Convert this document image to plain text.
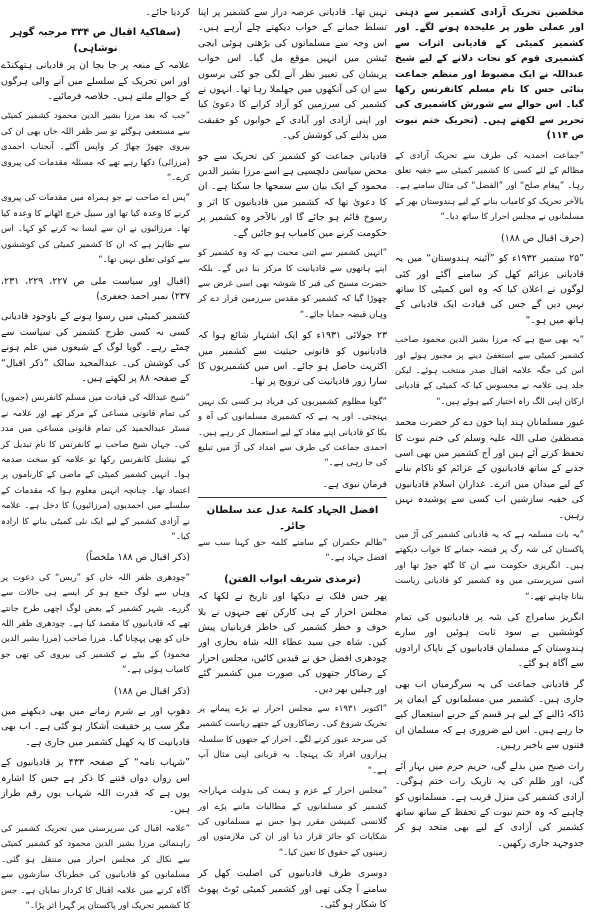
مخلصین تحریک آزادی کشمیر سے ذہنی اور عملی طور پر علیحدہ ہونے لگے۔ اور کشمیر کمیٹی کے قادیانی اثرات سے کشمیری قوم کو نجات دلانے کے لیے شیخ عبداللہ نے ایک مضبوط اور منظم جماعت بنائی جس کا نام مسلم کانفرنس رکھا گیا۔ اس حوالے سے شورش کاشمیری کی تحریر سے لکھتے ہیں۔ (تحریک ختم نبوت ص ۱۱۴)

”جماعت احمدیہ کی طرف سے تحریک آزادی کے مظالم کے لئے کسی کا کشمیر کمیٹی سے خفیہ تعلق رہا۔ ”پیغام صلح“ اور ”الفضل“ کی مثال سامنے ہے۔ بالآخر تحریک کو کامیاب بنانے کے لیے ہندوستان بھر کے مسلمانوں نے مجلس احرار کا ساتھ دیا۔“

(حرف اقبال ص ۱۸۸)

”۲۵ ستمبر ۱۹۳۲ء کو ”آئینہ ہندوستان“ میں یہ قادیانی عزائم کھل کر سامنے آگئے اور کئی لوگوں نے اعلان کیا کہ وہ اس کمیٹی کا ساتھ نہیں دیں گے جس کی قیادت ایک قادیانی کے ہاتھ میں ہو۔“

”یہ بھی سچ ہے کہ مرزا بشیر الدین محمود صاحب کشمیر کمیٹی سے استعفیٰ دینے پر مجبور ہوئے اور اس کی جگہ علامہ اقبال صدر منتخب ہوئے۔ لیکن جلد ہی علامہ نے محسوس کیا کہ کمیٹی کے قادیانی ارکان اپنی الگ راہ اختیار کیے ہوئے ہیں۔“

غیور مسلمانان ہند اپنا خون دے کر حضرت محمد مصطفیٰ صلی اللہ علیہ وسلم کی ختم نبوت کا تحفظ کرتے آئے ہیں اور آج کشمیر میں بھی اسی جذبے کے ساتھ قادیانیوں کے عزائم کو ناکام بنانے کے لیے میدان میں اترے۔ غداران اسلام قادیانیوں کی خفیہ سازشیں اب کسی سے پوشیدہ نہیں رہیں۔

”یہ بات مسلمہ ہے کہ یہ قادیانی کشمیر کی آڑ میں پاکستان کی شہ رگ پر قبضہ جمانے کا خواب دیکھتے ہیں۔ انگریزی حکومت سے ان کا گٹھ جوڑ تھا اور اسی سرپرستی میں وہ کشمیر کو قادیانی ریاست بنانا چاہتے تھے۔“

انگریز سامراج کی شہ پر قادیانیوں کی تمام کوششیں بے سود ثابت ہوئیں اور سارے ہندوستان کے مسلمان قادیانیوں کے ناپاک ارادوں سے آگاہ ہو گئے۔

گر قادیانی جماعت کی یہ سرگرمیاں اب بھی جاری ہیں۔ کشمیر میں مسلمانوں کے ایمان پر ڈاکہ ڈالنے کے لیے ہر قسم کے حربے استعمال کیے جا رہے ہیں۔ اس لیے ضروری ہے کہ مسلمان ان فتنوں سے باخبر رہیں۔

رات صبح میں بدلے گی، حریم حرم میں بہار آئے گی، اور ظلم کی یہ تاریک رات ختم ہوگی۔ آزادی کشمیر کی منزل قریب ہے۔ مسلمانوں کو چاہیے کہ وہ ختم نبوت کے تحفظ کے ساتھ ساتھ کشمیر کی آزادی کے لیے بھی متحد ہو کر جدوجہد جاری رکھیں۔

نہیں تھا۔ قادیانی عرصہ دراز سے کشمیر پر اپنا تسلط جمانے کے خواب دیکھتے چلے آرہے ہیں۔ اس وجہ سے مسلمانوں کی بڑھتی ہوئی ایجی ٹیشن میں انہیں موقع مل گیا۔ اس خواب پریشان کی تعبیر نظر آنے لگی جو کئی برسوں سے ان کی آنکھوں میں جھلملا رہا تھا۔ انہوں نے کشمیر کی سرزمین کو آزاد کرانے کا دعویٰ کیا اور اپنی آزادی اور آبادی کے خوابوں کو حقیقت میں بدلنے کی کوشش کی۔

قادیانی جماعت کو کشمیر کی تحریک سے جو محض سیاسی دلچسپی ہے اسے مرزا بشیر الدین محمود کے ایک بیان سے سمجھا جا سکتا ہے۔ ان کا دعویٰ تھا کہ کشمیر میں قادیانیوں کا اثر و رسوخ قائم ہو جائے گا اور بالآخر وہ کشمیر پر حکومت کرنے میں کامیاب ہو جائیں گے۔

”انہیں کشمیر سے اتنی محبت ہے کہ وہ کشمیر کو اپنے ہاتھوں سے قادیانیت کا مرکز بنا دیں گے۔ بلکہ حضرت مسیح کی قبر کا شوشہ بھی اسی غرض سے چھوڑا گیا کہ کشمیر کو مقدس سرزمین قرار دے کر وہاں قبضہ جمایا جائے۔“

۲۳ جولائی ۱۹۳۱ء کو ایک اشتہار شائع ہوا کہ قادیانیوں کو قانونی حیثیت سے کشمیر میں اکثریت حاصل ہو جائے۔ اس میں کشمیریوں کا سارا زور قادیانیت کی ترویج پر تھا۔

”گویا مظلوم کشمیریوں کی فریاد ہر کسی تک نہیں پہنچتی۔ اور یہ ہے کہ کشمیری مسلمانوں کی آہ و بکا کو قادیانی اپنے مفاد کے لیے استعمال کر رہے ہیں۔ احمدی جماعت کی طرف سے امداد کی آڑ میں تبلیغ کی جا رہی ہے۔“

فرمان نبوی ہے۔

افضل الجہاد کلمۃ عدل عند سلطان جائر۔

”ظالم حکمران کے سامنے کلمہ حق کہنا سب سے افضل جہاد ہے۔“

(ترمذی شریف ابواب الفتن)

پھر جس فلک نے دیکھا اور تاریخ نے لکھا کہ مجلس احرار کے ہی کارکن تھے جنہوں نے بلا خوف و خطر کشمیر کی خاطر قربانیاں پیش کیں۔ شاہ جی سید عطاء اللہ شاہ بخاری اور چودھری افضل حق نے قیدیں کاٹیں، مجلس احرار کے رضاکار جتھوں کی صورت میں کشمیر گئے اور جیلیں بھر دیں۔

”اکتوبر ۱۹۳۱ء سے مجلس احرار نے بڑے پیمانے پر تحریک شروع کی۔ رضاکاروں کے جتھے ریاست کشمیر کی سرحد عبور کرنے لگے۔ احرار کے جتھوں کا سلسلہ ہزاروں افراد تک پہنچا۔ یہ قربانی اپنی مثال آپ ہے۔“

”مجلس احرار کے عزم و ہمت کی بدولت مہاراجہ کشمیر کو مسلمانوں کے مطالبات ماننے پڑے اور گلانسی کمیشن مقرر ہوا جس نے مسلمانوں کی شکایات کو جائز قرار دیا اور ان کی ملازمتوں اور زمینوں کے حقوق کا تعین کیا۔“

دوسری طرف قادیانیوں کی اصلیت کھل کر سامنے آ چکی تھی اور کشمیر کمیٹی ٹوٹ پھوٹ کا شکار ہو گئی۔

کردیا جائے۔

(سفاکیۂ اقبال ص ۳۳۴ مرجبہ گوہر نوشاہی)

علامہ کے منعہ پر جا بجا ان پر قادیانی ہتھکنڈے اور اس تحریک کے سلسلے میں آنے والی ہرگوں کے حوالے ملتے ہیں۔ خلاصہ فرمائیے۔

”جب کہ بعد مرزا بشیر الدین محمود کشمیر کمیٹی سے مستعفی ہوگئے تو سر ظفر اللہ خاں بھی ان کی بیروی چھوڑ چھاڑ کر واپس آگئے۔ آنجناب احمدی (مرزائی) دکھا رہے تھے کہ مسئلہ مقدمات کی پیروی کرے۔“

”پس اے صاحب نے جو ہمراہ میں مقدمات کی پیروی کرنے کا وعدہ کیا تھا اور سبیل خرچ اٹھانے کا وعدہ کیا تھا۔ مرزائیوں نے ان سے ایسا نہ کرنے کو کہا۔ اس سے ظاہر ہے کہ ان کا کشمیر کمیٹی کی کوششوں سے کوئی تعلق نہیں تھا۔“

(اقبال اور سیاست ملی ص ۲۲۷، ۲۲۹، ۲۳۱، ۲۳۷) نمبر احمد جعفری)

کشمیر کمیٹی میں رسوا ہونے کے باوجود قادیانی کسی نہ کسی طرح کشمیر کی سیاست سے چمٹے رہے۔ گویا لوگ کے شیعوں میں علم ہونے کی کوشش کی۔ عبدالمجید سالک ”ذکر اقبال“ کے صفحہ ۸۸ پر لکھتے ہیں۔

”شیخ عبداللہ کی قیادت میں مسلم کانفرنس (جموں) کی تمام قانونی مساعی کے مرکز تھے اور علامہ نے مسٹر عبدالحمید کی تمام قانونی مساعی میں مدد کی۔ جہاں شیخ صاحب نے کانفرنس کا نام تبدیل کر کے نیشنل کانفرنس رکھا تو علامہ کو سخت صدمہ ہوا۔ انہیں کشمیر کمیٹی کے ماضی کے کارناموں پر اعتماد تھا۔ چنانچہ انہیں معلوم ہوا کہ مقدمات کے سلسلے میں احمدیوں (مرزائیوں) کا دخل ہے۔ علامہ نے آزادی کشمیر کے لیے ایک نئی کمیٹی بنانے کا ارادہ کیا۔“

(ذکر اقبال ص ۱۸۸ ملخصاً)

”چودھری ظفر اللہ خاں کو ”ریس“ کی دعوت پر وہاں سے لوگ جمع ہو کر ایسے ہی حالات سے گزرے۔ شہر کشمیر کے بعض لوگ اچھی طرح جانتے تھے کہ قادیانیوں کا مقصد کیا ہے۔ چودھری ظفر اللہ خاں کو بھی پہچانا گیا۔ مرزا صاحب (مرزا بشیر الدین محمود) کے بیٹے نے کشمیر کی بیروی کی تھی جو کامیاب ہوئی ہے۔“

(ذکر اقبال ص ۱۸۸)

دھوپ اور بے شرم زمانے میں بھی دیکھنے میں مگر سب پر حقیقت آشکار ہو گئی ہے۔ اب بھی قادیانیت کا یہ کھیل کشمیر میں جاری ہے۔

”شہاب نامہ“ کے صفحہ ۴۳۳ پر قادیانیوں کے اس رواں دواں فتنے کا ذکر ہے جس کا اشارہ یوں ہے کہ قدرت اللہ شہاب یوں رقم طراز ہیں۔

”علامہ اقبال کی سرپرستی میں تحریک کشمیر کی راہنمائی مرزا بشیر الدین محمود کو کشمیر کمیٹی سے نکال کر مجلس احرار میں منتقل ہو گئی۔ مسلمانوں کو قادیانیوں کی خطرناک سازشوں سے آگاہ کرنے میں علامہ اقبال کا کردار نمایاں ہے۔ جس کا کشمیر تحریک اور پاکستان پر گہرا اثر پڑا۔“
